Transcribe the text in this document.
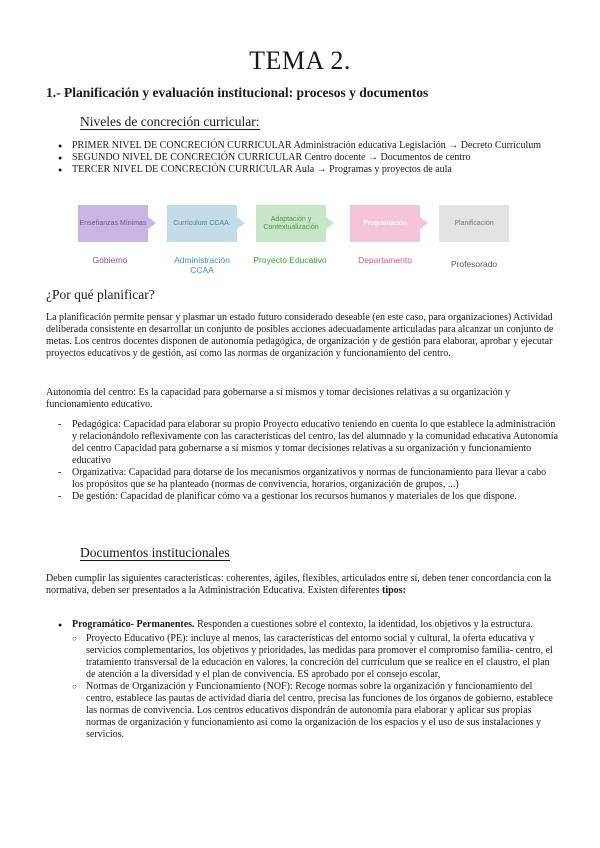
TEMA 2.
1.- Planificación y evaluación institucional: procesos y documentos
Niveles de concreción curricular:
● PRIMER NIVEL DE CONCRECIÓN CURRICULAR Administración educativa Legislación → Decreto Currículum
● SEGUNDO NIVEL DE CONCRECIÓN CURRICULAR Centro docente → Documentos de centro
● TERCER NIVEL DE CONCRECIÓN CURRICULAR Aula → Programas y proyectos de aula
Enseñanzas Mínimas	Currículum CCAA.
Adaptación y Contextualización
Programación	Planificación
Gobierno	Administración CCAA
Proyecto Educativo	Departamento	Profesorado
¿Por qué planificar?

La planificación permite pensar y plasmar un estado futuro considerado deseable (en este caso, para organizaciones) Actividad deliberada consistente en desarrollar un conjunto de posibles acciones adecuadamente articuladas para alcanzar un conjunto de metas. Los centros docentes disponen de autonomía pedagógica, de organización y de gestión para elaborar, aprobar y ejecutar proyectos educativos y de gestión, así como las normas de organización y funcionamiento del centro.

Autonomía del centro: Es la capacidad para gobernarse a sí mismos y tomar decisiones relativas a su organización y funcionamiento educativo.

- Pedagógica: Capacidad para elaborar su propio Proyecto educativo teniendo en cuenta lo que establece la administración y relacionándolo reflexivamente con las características del centro, las del alumnado y la comunidad educativa Autonomía del centro Capacidad para gobernarse a sí mismos y tomar decisiones relativas a su organización y funcionamiento educativo
- Organizativa: Capacidad para dotarse de los mecanismos organizativos y normas de funcionamiento para llevar a cabo los propósitos que se ha planteado (normas de convivencia, horarios, organización de grupos, ...)
- De gestión: Capacidad de planificar cómo va a gestionar los recursos humanos y materiales de los que dispone.
Documentos institucionales

Deben cumplir las siguientes características: coherentes, ágiles, flexibles, articulados entre sí, deben tener concordancia con la normativa, deben ser presentados a la Administración Educativa. Existen diferentes tipos:

● Programático- Permanentes. Responden a cuestiones sobre el contexto, la identidad, los objetivos y la estructura.
○ Proyecto Educativo (PE): incluye al menos, las características del entorno social y cultural, la oferta educativa y servicios complementarios, los objetivos y prioridades, las medidas para promover el compromiso familia- centro, el tratamiento transversal de la educación en valores, la concreción del currículum que se realice en el claustro, el plan de atención a la diversidad y el plan de convivencia. ES aprobado por el consejo escolar,
○ Normas de Organización y Funcionamiento (NOF): Recoge normas sobre la organización y funcionamiento del centro, establece las pautas de actividad diaria del centro, precisa las funciones de los órganos de gobierno, establece las normas de convivencia. Los centros educativos dispondrán de autonomía para elaborar y aplicar sus propias normas de organización y funcionamiento así como la organización de los espacios y el uso de sus instalaciones y servicios.
